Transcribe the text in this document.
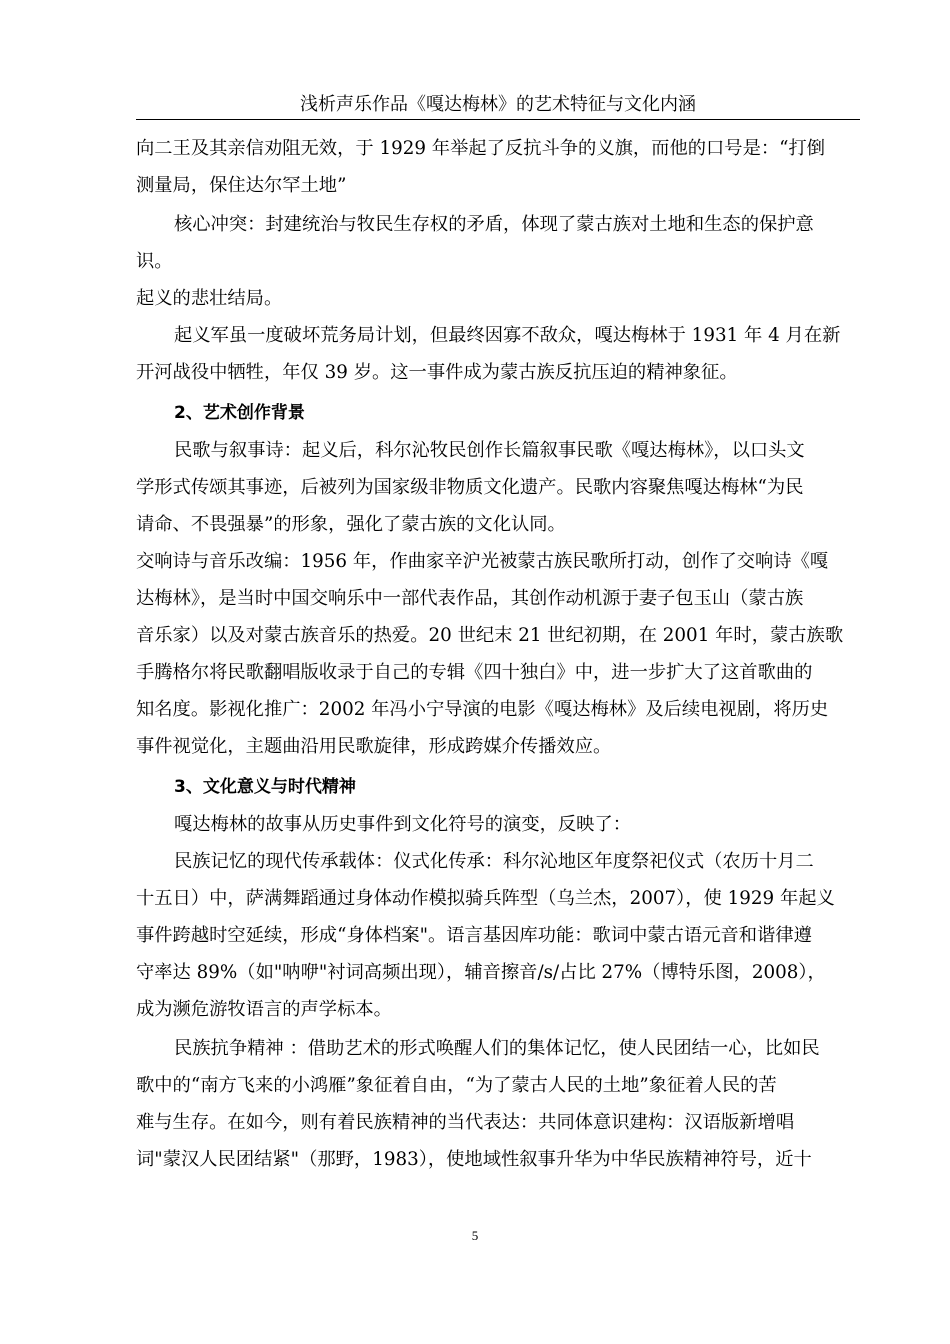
浅析声乐作品《嘎达梅林》的艺术特征与文化内涵
向二王及其亲信劝阻无效，于 1929 年举起了反抗斗争的义旗，而他的口号是：“打倒
测量局，保住达尔罕土地”
核心冲突：封建统治与牧民生存权的矛盾，体现了蒙古族对土地和生态的保护意
识。
起义的悲壮结局。
起义军虽一度破坏荒务局计划，但最终因寡不敌众，嘎达梅林于 1931 年 4 月在新
开河战役中牺牲，年仅 39 岁。这一事件成为蒙古族反抗压迫的精神象征。
2、艺术创作背景
民歌与叙事诗：起义后，科尔沁牧民创作长篇叙事民歌《嘎达梅林》，以口头文
学形式传颂其事迹，后被列为国家级非物质文化遗产。民歌内容聚焦嘎达梅林“为民
请命、不畏强暴”的形象，强化了蒙古族的文化认同。
交响诗与音乐改编：1956 年，作曲家辛沪光被蒙古族民歌所打动，创作了交响诗《嘎
达梅林》，是当时中国交响乐中一部代表作品，其创作动机源于妻子包玉山（蒙古族
音乐家）以及对蒙古族音乐的热爱。20 世纪末 21 世纪初期，在 2001 年时，蒙古族歌
手腾格尔将民歌翻唱版收录于自己的专辑《四十独白》中，进一步扩大了这首歌曲的
知名度。影视化推广：2002 年冯小宁导演的电影《嘎达梅林》及后续电视剧，将历史
事件视觉化，主题曲沿用民歌旋律，形成跨媒介传播效应。
3、文化意义与时代精神
嘎达梅林的故事从历史事件到文化符号的演变，反映了：
民族记忆的现代传承载体：仪式化传承：科尔沁地区年度祭祀仪式（农历十月二
十五日）中，萨满舞蹈通过身体动作模拟骑兵阵型（乌兰杰，2007），使 1929 年起义
事件跨越时空延续，形成“身体档案"。语言基因库功能：歌词中蒙古语元音和谐律遵
守率达 89%（如"呐咿"衬词高频出现），辅音擦音/s/占比 27%（博特乐图，2008），
成为濒危游牧语言的声学标本。
民族抗争精神 ：借助艺术的形式唤醒人们的集体记忆，使人民团结一心，比如民
歌中的“南方飞来的小鸿雁”象征着自由，“为了蒙古人民的土地”象征着人民的苦
难与生存。在如今，则有着民族精神的当代表达：共同体意识建构：汉语版新增唱
词"蒙汉人民团结紧"（那野，1983），使地域性叙事升华为中华民族精神符号，近十
5
